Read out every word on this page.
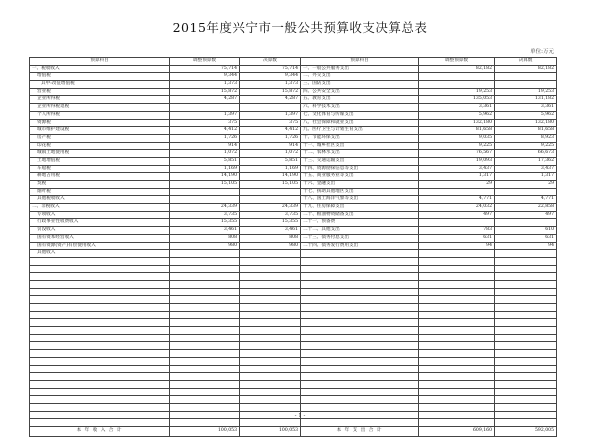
2015年度兴宁市一般公共预算收支决算总表
单位:万元
预算科目	调整预算数	决算数	预算科目	调整预算数	决算数
一、税收收入	75,714	75,714	一、一般公共服务支出	82,182	82,182
增值税	9,344	9,344	二、外交支出		
其中:改征增值税	1,373	1,373	三、国防支出		
营业税	15,872	15,872	四、公共安全支出	19,253	19,253
企业所得税	4,287	4,287	五、教育支出	135,053	131,182
企业所得税退税			六、科学技术支出	3,361	3,361
个人所得税	1,397	1,397	七、文化体育与传媒支出	5,962	5,962
资源税	375	375	八、社会保障和就业支出	132,180	132,180
城市维护建设税	4,412	4,412	九、医疗卫生与计划生育支出	81,658	81,658
房产税	1,726	1,726	十、节能环保支出	9,035	8,923
印花税	914	914	十一、城乡社区支出	9,225	9,225
城镇土地使用税	1,072	1,072	十二、农林水支出	76,567	66,673
土地增值税	5,851	5,851	十三、交通运输支出	19,093	17,362
车船税	1,169	1,169	十四、资源勘探信息等支出	3,437	3,437
耕地占用税	14,190	14,190	十五、商业服务业等支出	1,317	1,317
契税	15,105	15,105	十六、金融支出	29	29
烟叶税			十七、援助其他地区支出		
其他税收收入			十八、国土海洋气象等支出	4,771	4,771
二、非税收入	24,339	24,339	十九、住房保障支出	24,032	22,858
专项收入	3,735	3,735	二十、粮油物资储备支出	497	497
行政事业性收费收入	15,355	15,355	二十一、预备费		
罚没收入	3,461	3,461	二十二、其他支出	783	610
国有资本经营收入	808	808	二十三、债务付息支出	631	631
国有资源(资产)有偿使用收入	980	980	二十四、债务发行费用支出	94	94
其他收入					

本 年 收 入 合 计	100,053	100,053	本 年 支 出 合 计	609,160	592,005
- 1 -
